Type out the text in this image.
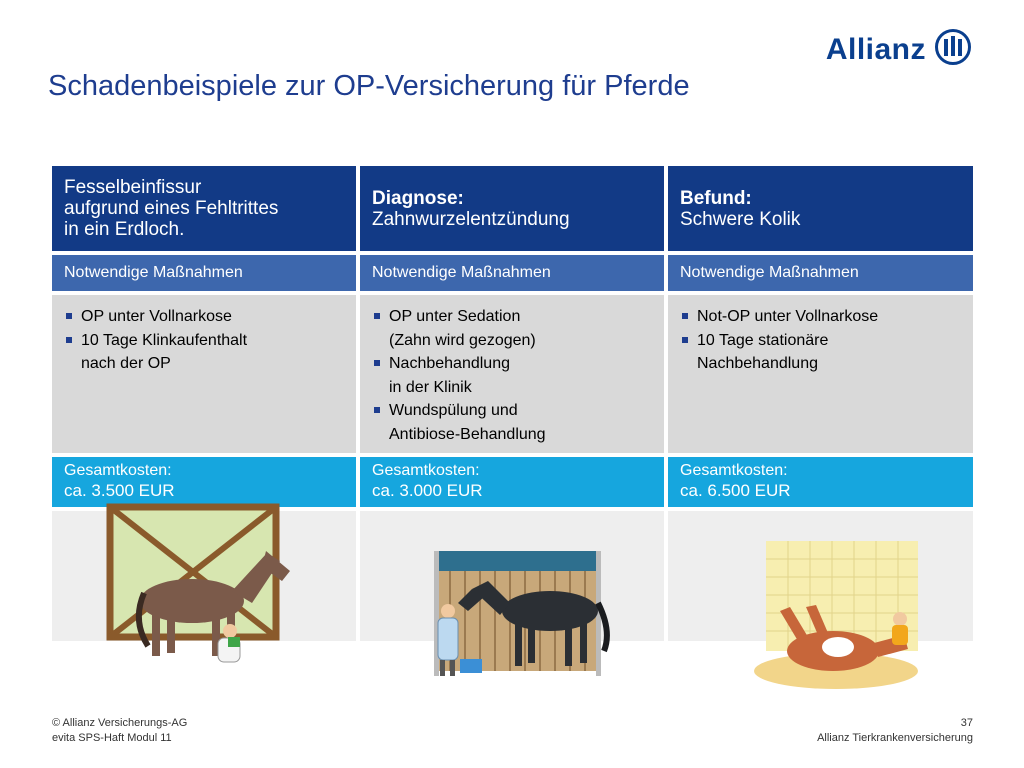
Allianz
Schadenbeispiele zur OP-Versicherung für Pferde
Fesselbeinfissur
aufgrund eines Fehltrittes
in ein Erdloch.
Notwendige Maßnahmen
OP unter Vollnarkose
10 Tage Klinkaufenthalt
nach der OP
Gesamtkosten:
ca. 3.500 EUR
Diagnose:
Zahnwurzelentzündung
Notwendige Maßnahmen
OP unter Sedation
(Zahn wird gezogen)
Nachbehandlung
in der Klinik
Wundspülung und
Antibiose-Behandlung
Gesamtkosten:
ca. 3.000 EUR
Befund:
Schwere Kolik
Notwendige Maßnahmen
Not-OP unter Vollnarkose
10 Tage stationäre
Nachbehandlung
Gesamtkosten:
ca. 6.500 EUR
© Allianz Versicherungs-AG
evita SPS-Haft Modul 11
37
Allianz Tierkrankenversicherung
